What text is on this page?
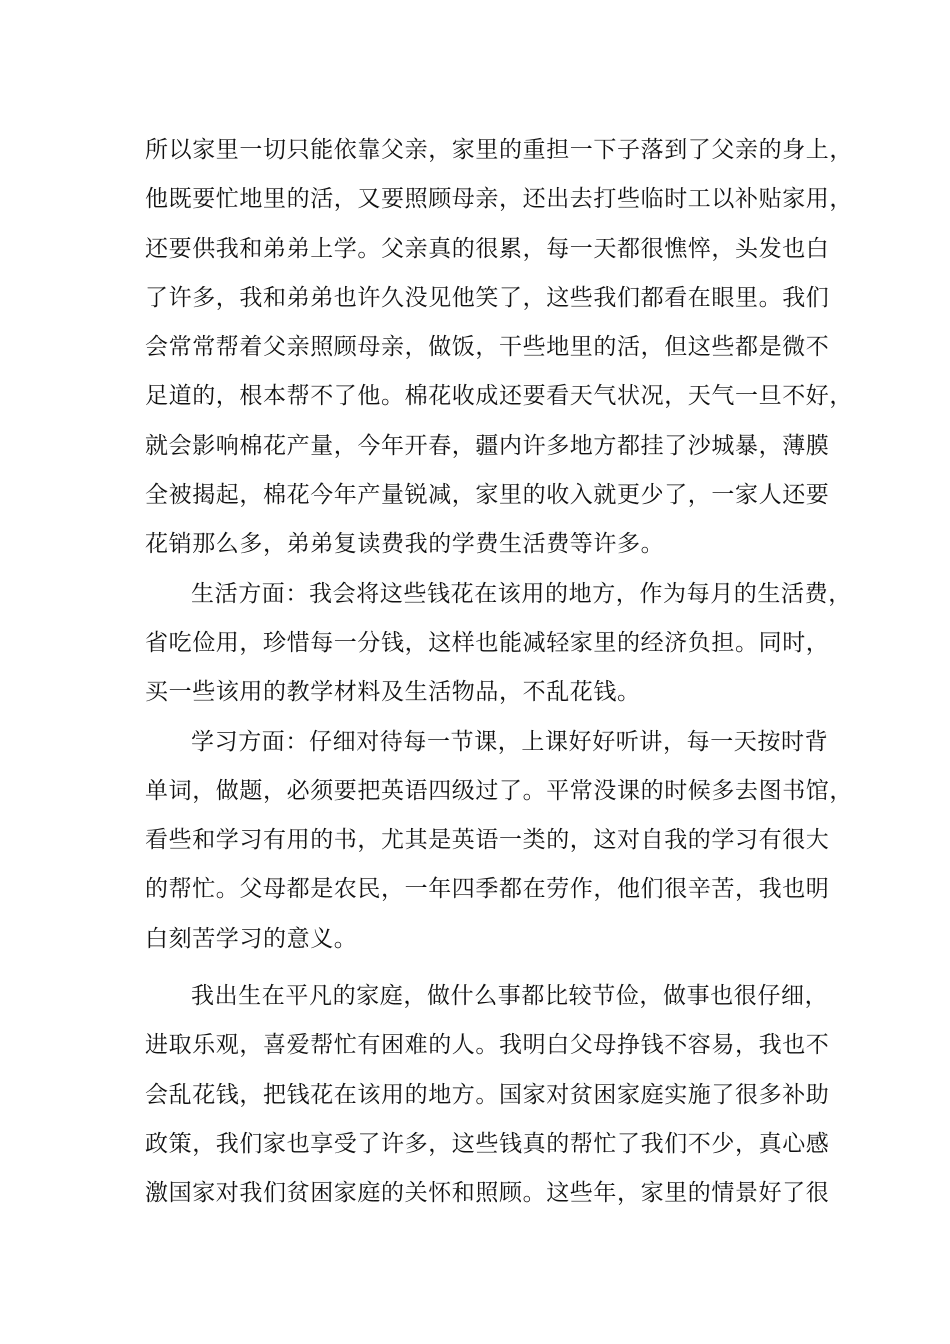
所以家里一切只能依靠父亲，家里的重担一下子落到了父亲的身上，
他既要忙地里的活，又要照顾母亲，还出去打些临时工以补贴家用，
还要供我和弟弟上学。父亲真的很累，每一天都很憔悴，头发也白
了许多，我和弟弟也许久没见他笑了，这些我们都看在眼里。我们
会常常帮着父亲照顾母亲，做饭，干些地里的活，但这些都是微不
足道的，根本帮不了他。棉花收成还要看天气状况，天气一旦不好，
就会影响棉花产量，今年开春，疆内许多地方都挂了沙城暴，薄膜
全被揭起，棉花今年产量锐减，家里的收入就更少了，一家人还要
花销那么多，弟弟复读费我的学费生活费等许多。
生活方面：我会将这些钱花在该用的地方，作为每月的生活费，
省吃俭用，珍惜每一分钱，这样也能减轻家里的经济负担。同时，
买一些该用的教学材料及生活物品，不乱花钱。
学习方面：仔细对待每一节课，上课好好听讲，每一天按时背
单词，做题，必须要把英语四级过了。平常没课的时候多去图书馆，
看些和学习有用的书，尤其是英语一类的，这对自我的学习有很大
的帮忙。父母都是农民，一年四季都在劳作，他们很辛苦，我也明
白刻苦学习的意义。
我出生在平凡的家庭，做什么事都比较节俭，做事也很仔细，
进取乐观，喜爱帮忙有困难的人。我明白父母挣钱不容易，我也不
会乱花钱，把钱花在该用的地方。国家对贫困家庭实施了很多补助
政策，我们家也享受了许多，这些钱真的帮忙了我们不少，真心感
激国家对我们贫困家庭的关怀和照顾。这些年，家里的情景好了很
